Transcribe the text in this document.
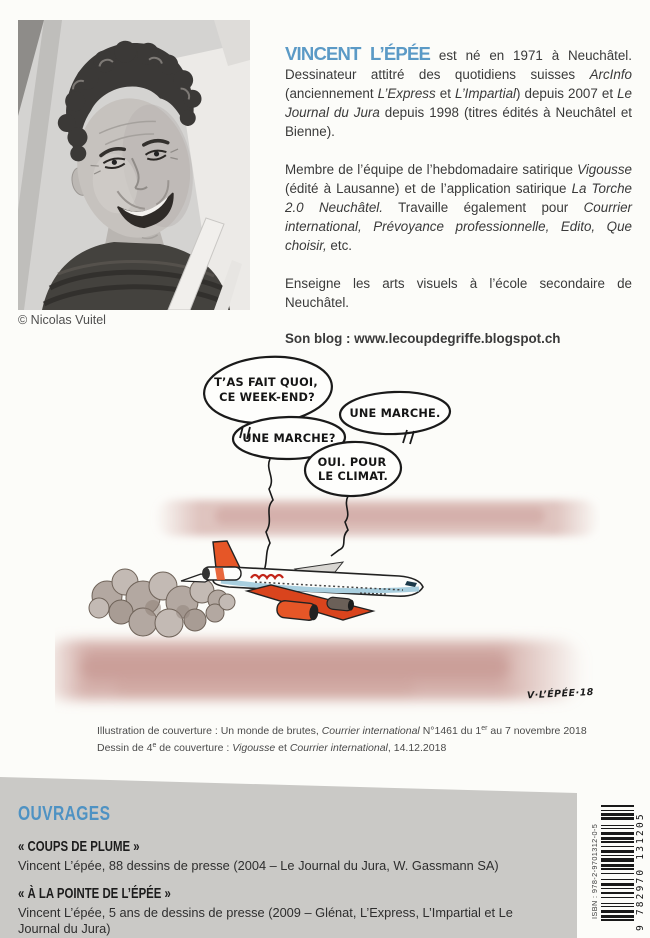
© Nicolas Vuitel

VINCENT L’ÉPÉE est né en 1971 à Neuchâtel. Dessinateur attitré des quotidiens suisses ArcInfo (anciennement L’Express et L’Impartial) depuis 2007 et Le Journal du Jura depuis 1998 (titres édités à Neuchâtel et Bienne).

Membre de l’équipe de l’hebdomadaire satirique Vigousse (édité à Lausanne) et de l’application satirique La Torche 2.0 Neuchâtel. Travaille également pour Courrier international, Prévoyance professionnelle, Edito, Que choisir, etc.

Enseigne les arts visuels à l’école secondaire de Neuchâtel.

Son blog : www.lecoupdegriffe.blogspot.ch

T’AS FAIT QUOI,
CE WEEK-END?
UNE MARCHE.
UNE MARCHE?
OUI. POUR
LE CLIMAT.
V·L’ÉPÉE·18
Illustration de couverture : Un monde de brutes, Courrier international N°1461 du 1er au 7 novembre 2018
Dessin de 4e de couverture : Vigousse et Courrier international, 14.12.2018
OUVRAGES
« COUPS DE PLUME »
Vincent L’épée, 88 dessins de presse (2004 – Le Journal du Jura, W. Gassmann SA)
« À LA POINTE DE L’ÉPÉE »
Vincent L’épée, 5 ans de dessins de presse (2009 – Glénat, L’Express, L’Impartial et Le Journal du Jura)
ISBN : 978-2-9701312-0-5	9 782970 131205
